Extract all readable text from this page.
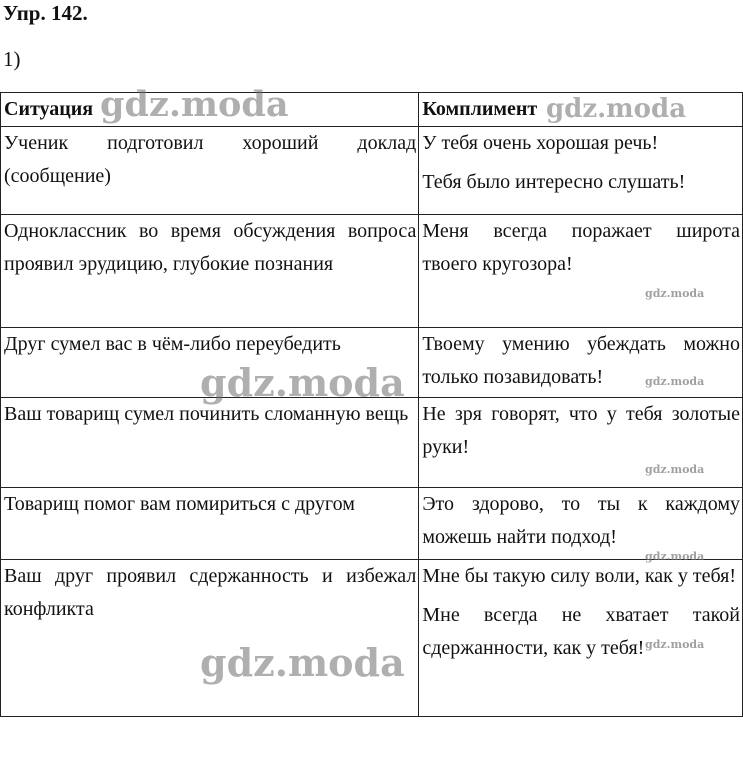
Упр. 142.
1)
Ситуация	Комплимент
Ученик подготовил хороший доклад (сообщение)	У тебя очень хорошая речь!
Тебя было интересно слушать!

Одноклассник во время обсуждения вопроса проявил эрудицию, глубокие познания	Меня всегда поражает широта твоего кругозора!

Друг сумел вас в чём-либо переубедить	Твоему умению убеждать можно только позавидовать!

Ваш товарищ сумел починить сломанную вещь	Не зря говорят, что у тебя золотые руки!

Товарищ помог вам помириться с другом	Это здорово, то ты к каждому можешь найти подход!

Ваш друг проявил сдержанность и избежал конфликта	Мне бы такую силу воли, как у тебя!
Мне всегда не хватает такой сдержанности, как у тебя!
gdz.moda	gdz.moda
gdz.moda
gdz.moda	gdz.moda
gdz.moda
gdz.moda
gdz.moda
gdz.moda
